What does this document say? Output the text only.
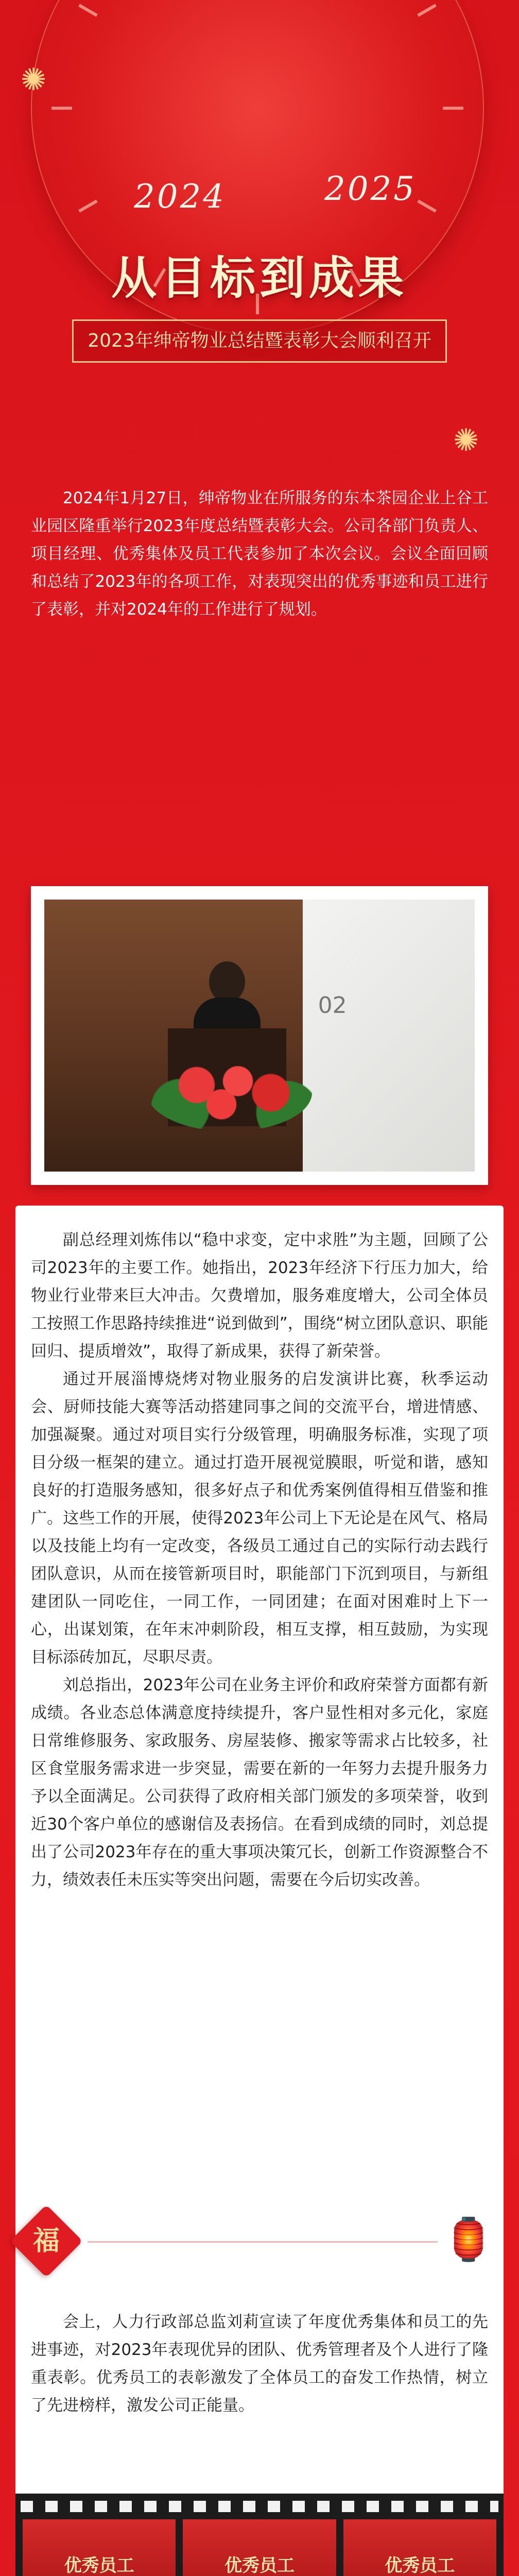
2024	2025
✺
✺
从目标到成果
2023年绅帝物业总结暨表彰大会顺利召开

2024年1月27日，绅帝物业在所服务的东本茶园企业上谷工业园区隆重举行2023年度总结暨表彰大会。公司各部门负责人、项目经理、优秀集体及员工代表参加了本次会议。会议全面回顾和总结了2023年的各项工作，对表现突出的优秀事迹和员工进行了表彰，并对2024年的工作进行了规划。

02

副总经理刘炼伟以“稳中求变，定中求胜”为主题，回顾了公司2023年的主要工作。她指出，2023年经济下行压力加大，给物业行业带来巨大冲击。欠费增加，服务难度增大，公司全体员工按照工作思路持续推进“说到做到”，围绕“树立团队意识、职能回归、提质增效”，取得了新成果，获得了新荣誉。

通过开展淄博烧烤对物业服务的启发演讲比赛，秋季运动会、厨师技能大赛等活动搭建同事之间的交流平台，增进情感、加强凝聚。通过对项目实行分级管理，明确服务标准，实现了项目分级一框架的建立。通过打造开展视觉膜眼，听觉和谐，感知良好的打造服务感知，很多好点子和优秀案例值得相互借鉴和推广。这些工作的开展，使得2023年公司上下无论是在风气、格局以及技能上均有一定改变，各级员工通过自己的实际行动去践行团队意识，从而在接管新项目时，职能部门下沉到项目，与新组建团队一同吃住，一同工作，一同团建；在面对困难时上下一心，出谋划策，在年末冲刺阶段，相互支撑，相互鼓励，为实现目标添砖加瓦，尽职尽责。

刘总指出，2023年公司在业务主评价和政府荣誉方面都有新成绩。各业态总体满意度持续提升，客户显性相对多元化，家庭日常维修服务、家政服务、房屋装修、搬家等需求占比较多，社区食堂服务需求进一步突显，需要在新的一年努力去提升服务力予以全面满足。公司获得了政府相关部门颁发的多项荣誉，收到近30个客户单位的感谢信及表扬信。在看到成绩的同时，刘总提出了公司2023年存在的重大事项决策冗长，创新工作资源整合不力，绩效表任未压实等突出问题，需要在今后切实改善。

福	🏮

会上，人力行政部总监刘莉宣读了年度优秀集体和员工的先进事迹，对2023年表现优异的团队、优秀管理者及个人进行了隆重表彰。优秀员工的表彰激发了全体员工的奋发工作热情，树立了先进榜样，激发公司正能量。

优秀员工	优秀员工	优秀员工
